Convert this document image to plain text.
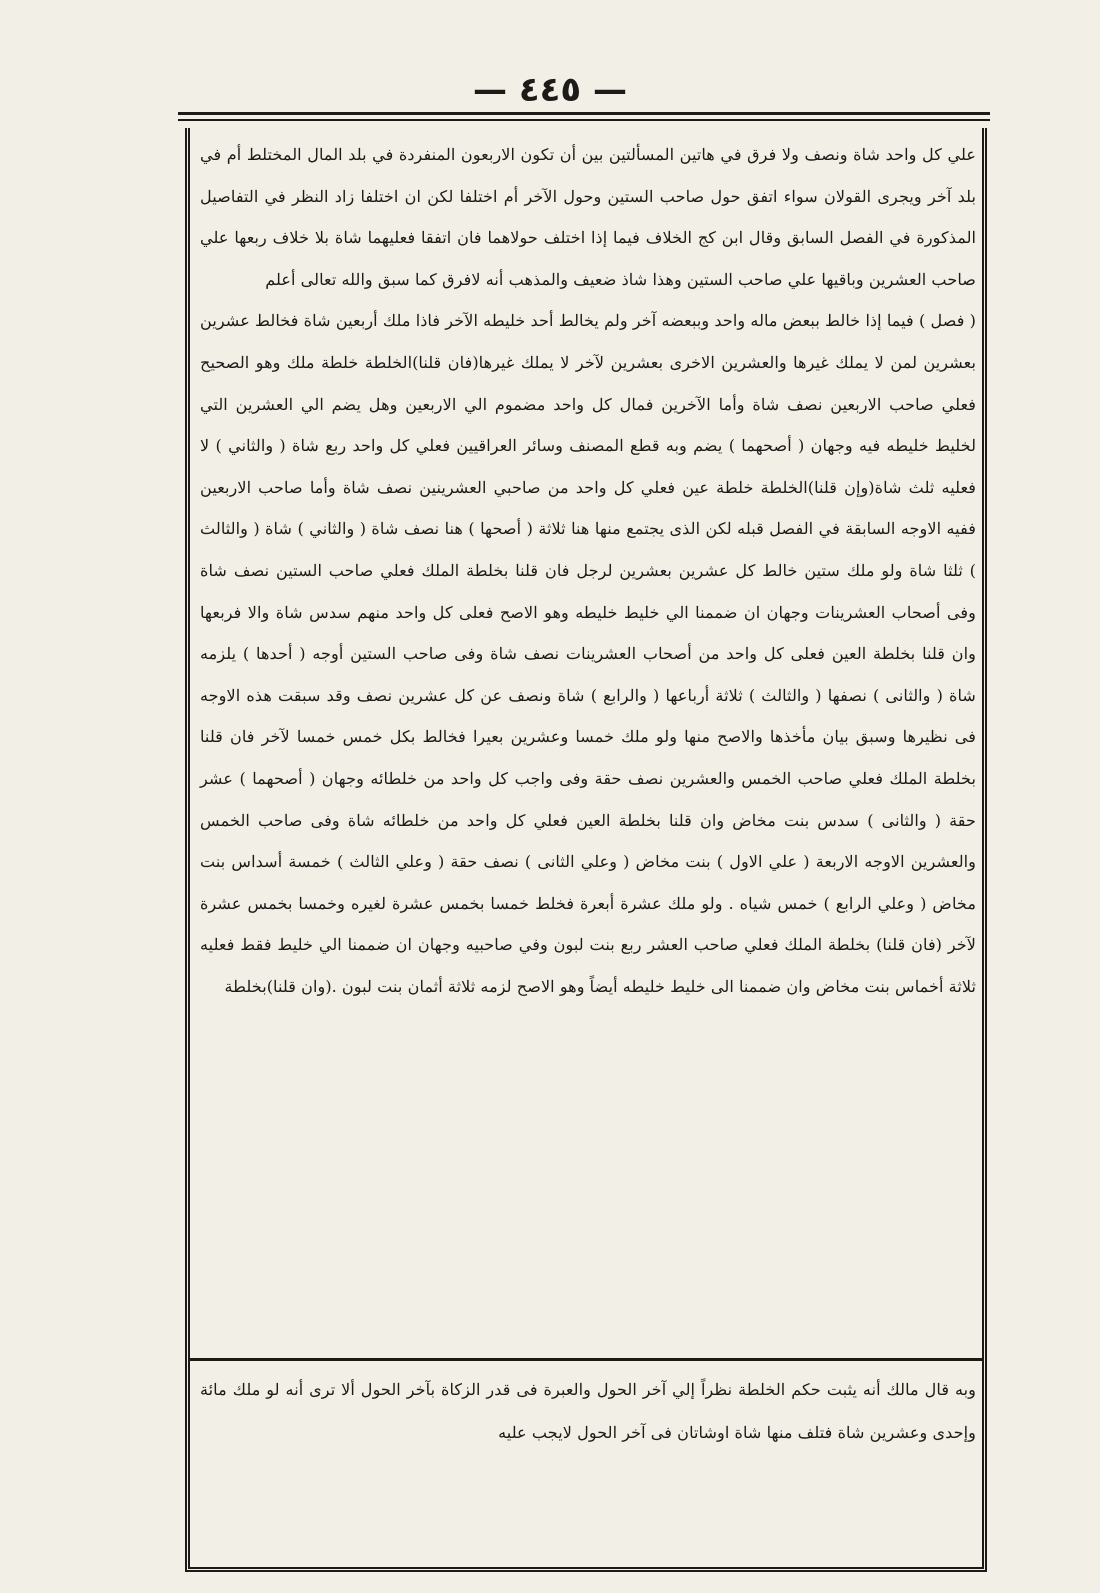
— ٤٤٥ —

علي كل واحد شاة ونصف ولا فرق في هاتين المسألتين بين أن تكون الاربعون المنفردة في بلد المال المختلط أم في بلد آخر ويجرى القولان سواء اتفق حول صاحب الستين وحول الآخر أم اختلفا لكن ان اختلفا زاد النظر في التفاصيل المذكورة في الفصل السابق وقال ابن كج الخلاف فيما إذا اختلف حولاهما فان اتفقا فعليهما شاة بلا خلاف ربعها علي صاحب العشرين وباقيها علي صاحب الستين وهذا شاذ ضعيف والمذهب أنه لافرق كما سبق والله تعالى أعلم

( فصل ) فيما إذا خالط ببعض ماله واحد وببعضه آخر ولم يخالط أحد خليطه الآخر فاذا ملك أربعين شاة فخالط عشرين بعشرين لمن لا يملك غيرها والعشرين الاخرى بعشرين لآخر لا يملك غيرها(فان قلنا)الخلطة خلطة ملك وهو الصحيح فعلي صاحب الاربعين نصف شاة وأما الآخرين فمال كل واحد مضموم الي الاربعين وهل يضم الي العشرين التي لخليط خليطه فيه وجهان ( أصحهما ) يضم وبه قطع المصنف وسائر العراقيين فعلي كل واحد ربع شاة ( والثاني ) لا فعليه ثلث شاة(وإن قلنا)الخلطة خلطة عين فعلي كل واحد من صاحبي العشرينين نصف شاة وأما صاحب الاربعين ففيه الاوجه السابقة في الفصل قبله لكن الذى يجتمع منها هنا ثلاثة ( أصحها ) هنا نصف شاة ( والثاني ) شاة ( والثالث ) ثلثا شاة ولو ملك ستين خالط كل عشرين بعشرين لرجل فان قلنا بخلطة الملك فعلي صاحب الستين نصف شاة وفى أصحاب العشرينات وجهان ان ضممنا الي خليط خليطه وهو الاصح فعلى كل واحد منهم سدس شاة والا فربعها وان قلنا بخلطة العين فعلى كل واحد من أصحاب العشرينات نصف شاة وفى صاحب الستين أوجه ( أحدها ) يلزمه شاة ( والثانى ) نصفها ( والثالث ) ثلاثة أرباعها ( والرابع ) شاة ونصف عن كل عشرين نصف وقد سبقت هذه الاوجه فى نظيرها وسبق بيان مأخذها والاصح منها ولو ملك خمسا وعشرين بعيرا فخالط بكل خمس خمسا لآخر فان قلنا بخلطة الملك فعلي صاحب الخمس والعشرين نصف حقة وفى واجب كل واحد من خلطائه وجهان ( أصحهما ) عشر حقة ( والثانى ) سدس بنت مخاض وان قلنا بخلطة العين فعلي كل واحد من خلطائه شاة وفى صاحب الخمس والعشرين الاوجه الاربعة ( علي الاول ) بنت مخاض ( وعلي الثانى ) نصف حقة ( وعلي الثالث ) خمسة أسداس بنت مخاض ( وعلي الرابع ) خمس شياه . ولو ملك عشرة أبعرة فخلط خمسا بخمس عشرة لغيره وخمسا بخمس عشرة لآخر (فان قلنا) بخلطة الملك فعلي صاحب العشر ربع بنت لبون وفي صاحبيه وجهان ان ضممنا الي خليط فقط فعليه ثلاثة أخماس بنت مخاض وان ضممنا الى خليط خليطه أيضاً وهو الاصح لزمه ثلاثة أثمان بنت لبون .(وان قلنا)بخلطة

وبه قال مالك أنه يثبت حكم الخلطة نظراً إلي آخر الحول والعبرة فى قدر الزكاة بآخر الحول ألا ترى أنه لو ملك مائة وإحدى وعشرين شاة فتلف منها شاة اوشاتان فى آخر الحول لايجب عليه
